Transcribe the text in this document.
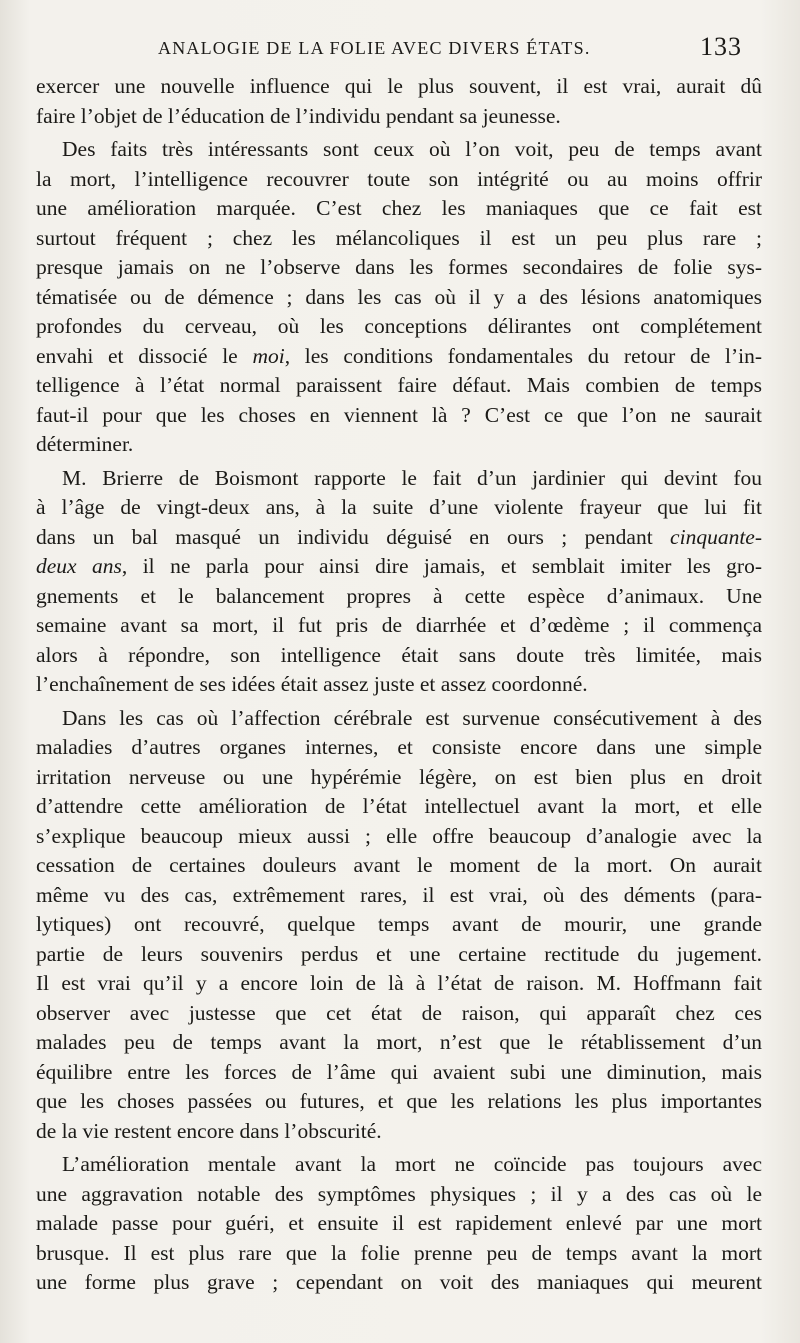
ANALOGIE DE LA FOLIE AVEC DIVERS ÉTATS.	133
exercer une nouvelle influence qui le plus souvent, il est vrai, aurait dû
faire l’objet de l’éducation de l’individu pendant sa jeunesse.
Des faits très intéressants sont ceux où l’on voit, peu de temps avant
la mort, l’intelligence recouvrer toute son intégrité ou au moins offrir
une amélioration marquée. C’est chez les maniaques que ce fait est
surtout fréquent ; chez les mélancoliques il est un peu plus rare ;
presque jamais on ne l’observe dans les formes secondaires de folie sys-
tématisée ou de démence ; dans les cas où il y a des lésions anatomiques
profondes du cerveau, où les conceptions délirantes ont complétement
envahi et dissocié le moi, les conditions fondamentales du retour de l’in-
telligence à l’état normal paraissent faire défaut. Mais combien de temps
faut-il pour que les choses en viennent là ? C’est ce que l’on ne saurait
déterminer.
M. Brierre de Boismont rapporte le fait d’un jardinier qui devint fou
à l’âge de vingt-deux ans, à la suite d’une violente frayeur que lui fit
dans un bal masqué un individu déguisé en ours ; pendant cinquante-
deux ans, il ne parla pour ainsi dire jamais, et semblait imiter les gro-
gnements et le balancement propres à cette espèce d’animaux. Une
semaine avant sa mort, il fut pris de diarrhée et d’œdème ; il commença
alors à répondre, son intelligence était sans doute très limitée, mais
l’enchaînement de ses idées était assez juste et assez coordonné.
Dans les cas où l’affection cérébrale est survenue consécutivement à des
maladies d’autres organes internes, et consiste encore dans une simple
irritation nerveuse ou une hypérémie légère, on est bien plus en droit
d’attendre cette amélioration de l’état intellectuel avant la mort, et elle
s’explique beaucoup mieux aussi ; elle offre beaucoup d’analogie avec la
cessation de certaines douleurs avant le moment de la mort. On aurait
même vu des cas, extrêmement rares, il est vrai, où des déments (para-
lytiques) ont recouvré, quelque temps avant de mourir, une grande
partie de leurs souvenirs perdus et une certaine rectitude du jugement.
Il est vrai qu’il y a encore loin de là à l’état de raison. M. Hoffmann fait
observer avec justesse que cet état de raison, qui apparaît chez ces
malades peu de temps avant la mort, n’est que le rétablissement d’un
équilibre entre les forces de l’âme qui avaient subi une diminution, mais
que les choses passées ou futures, et que les relations les plus importantes
de la vie restent encore dans l’obscurité.
L’amélioration mentale avant la mort ne coïncide pas toujours avec
une aggravation notable des symptômes physiques ; il y a des cas où le
malade passe pour guéri, et ensuite il est rapidement enlevé par une mort
brusque. Il est plus rare que la folie prenne peu de temps avant la mort
une forme plus grave ; cependant on voit des maniaques qui meurent
